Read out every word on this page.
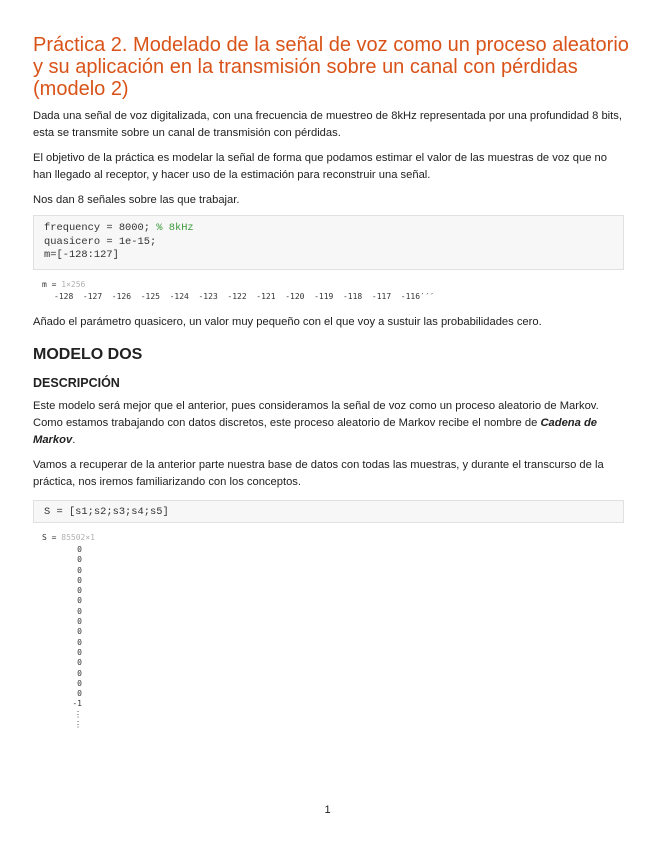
Práctica 2. Modelado de la señal de voz como un proceso aleatorio y su aplicación en la transmisión sobre un canal con pérdidas (modelo 2)

Dada una señal de voz digitalizada, con una frecuencia de muestreo de 8kHz representada por una profundidad 8 bits, esta se transmite sobre un canal de transmisión con pérdidas.

El objetivo de la práctica es modelar la señal de forma que podamos estimar el valor de las muestras de voz que no han llegado al receptor, y hacer uso de la estimación para reconstruir una señal.

Nos dan 8 señales sobre las que trabajar.

frequency = 8000; % 8kHz
quasicero = 1e-15;
m=[-128:127]
m = 1×256
-128  -127  -126  -125  -124  -123  -122  -121  -120  -119  -118  -117  -116′′′

Añado el parámetro quasicero, un valor muy pequeño con el que voy a sustuir las probabilidades cero.

MODELO DOS
DESCRIPCIÓN

Este modelo será mejor que el anterior, pues consideramos la señal de voz como un proceso aleatorio de Markov. Como estamos trabajando con datos discretos, este proceso aleatorio de Markov recibe el nombre de Cadena de Markov.

Vamos a recuperar de la anterior parte nuestra base de datos con todas las muestras, y durante el transcurso de la práctica, nos iremos familiarizando con los conceptos.

S = [s1;s2;s3;s4;s5]
S = 85502×1
0
0
0
0
0
0
0
0
0
0
0
0
0
0
0
-1
⋮
⋮
1
